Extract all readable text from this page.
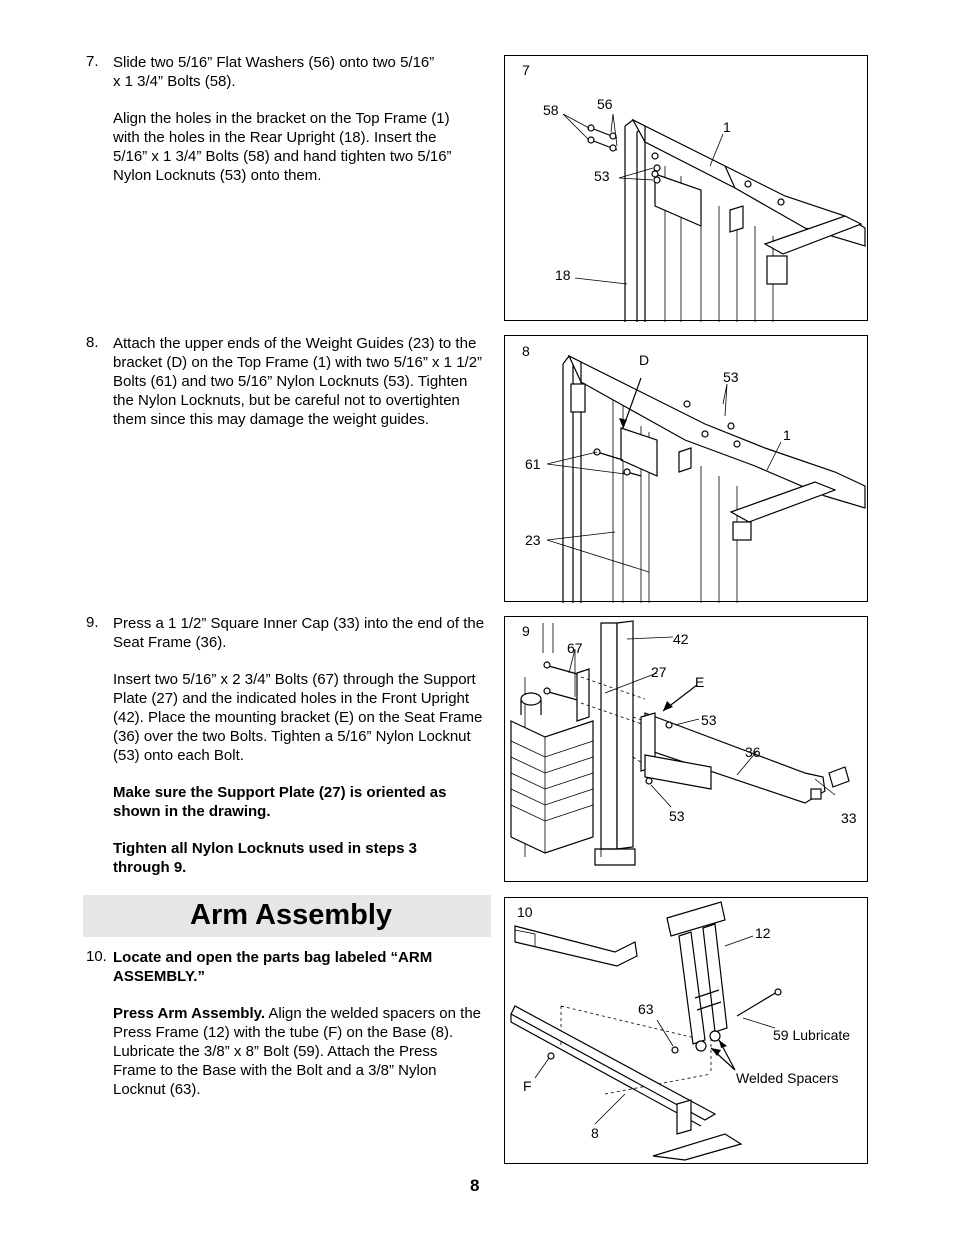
7. Slide two 5/16” Flat Washers (56) onto two 5/16” x 1 3/4” Bolts (58).

Align the holes in the bracket on the Top Frame (1) with the holes in the Rear Upright (18). Insert the 5/16” x 1 3/4” Bolts (58) and hand tighten two 5/16” Nylon Locknuts (53) onto them.

8. Attach the upper ends of the Weight Guides (23) to the bracket (D) on the Top Frame (1) with two 5/16” x 1 1/2” Bolts (61) and two 5/16” Nylon Locknuts (53). Tighten the Nylon Locknuts, but be careful not to overtighten them since this may damage the weight guides.

9. Press a 1 1/2” Square Inner Cap (33) into the end of the Seat Frame (36).

Insert two 5/16” x 2 3/4” Bolts (67) through the Support Plate (27) and the indicated holes in the Front Upright (42). Place the mounting bracket (E) on the Seat Frame (36) over the two Bolts. Tighten a 5/16” Nylon Locknut (53) onto each Bolt.

Make sure the Support Plate (27) is oriented as shown in the drawing.

Tighten all Nylon Locknuts used in steps 3 through 9.

Arm Assembly
10. Locate and open the parts bag labeled “ARM ASSEMBLY.”

Press Arm Assembly. Align the welded spacers on the Press Frame (12) with the tube (F) on the Base (8). Lubricate the 3/8” x 8” Bolt (59). Attach the Press Frame to the Base with the Bolt and a 3/8” Nylon Locknut (63).

7
58	56
1
53
18
8
D
53
1
61
23
9
67
42
27
E
53
36
53	33
10
12
63
59 Lubricate
Welded Spacers
F
8
8
